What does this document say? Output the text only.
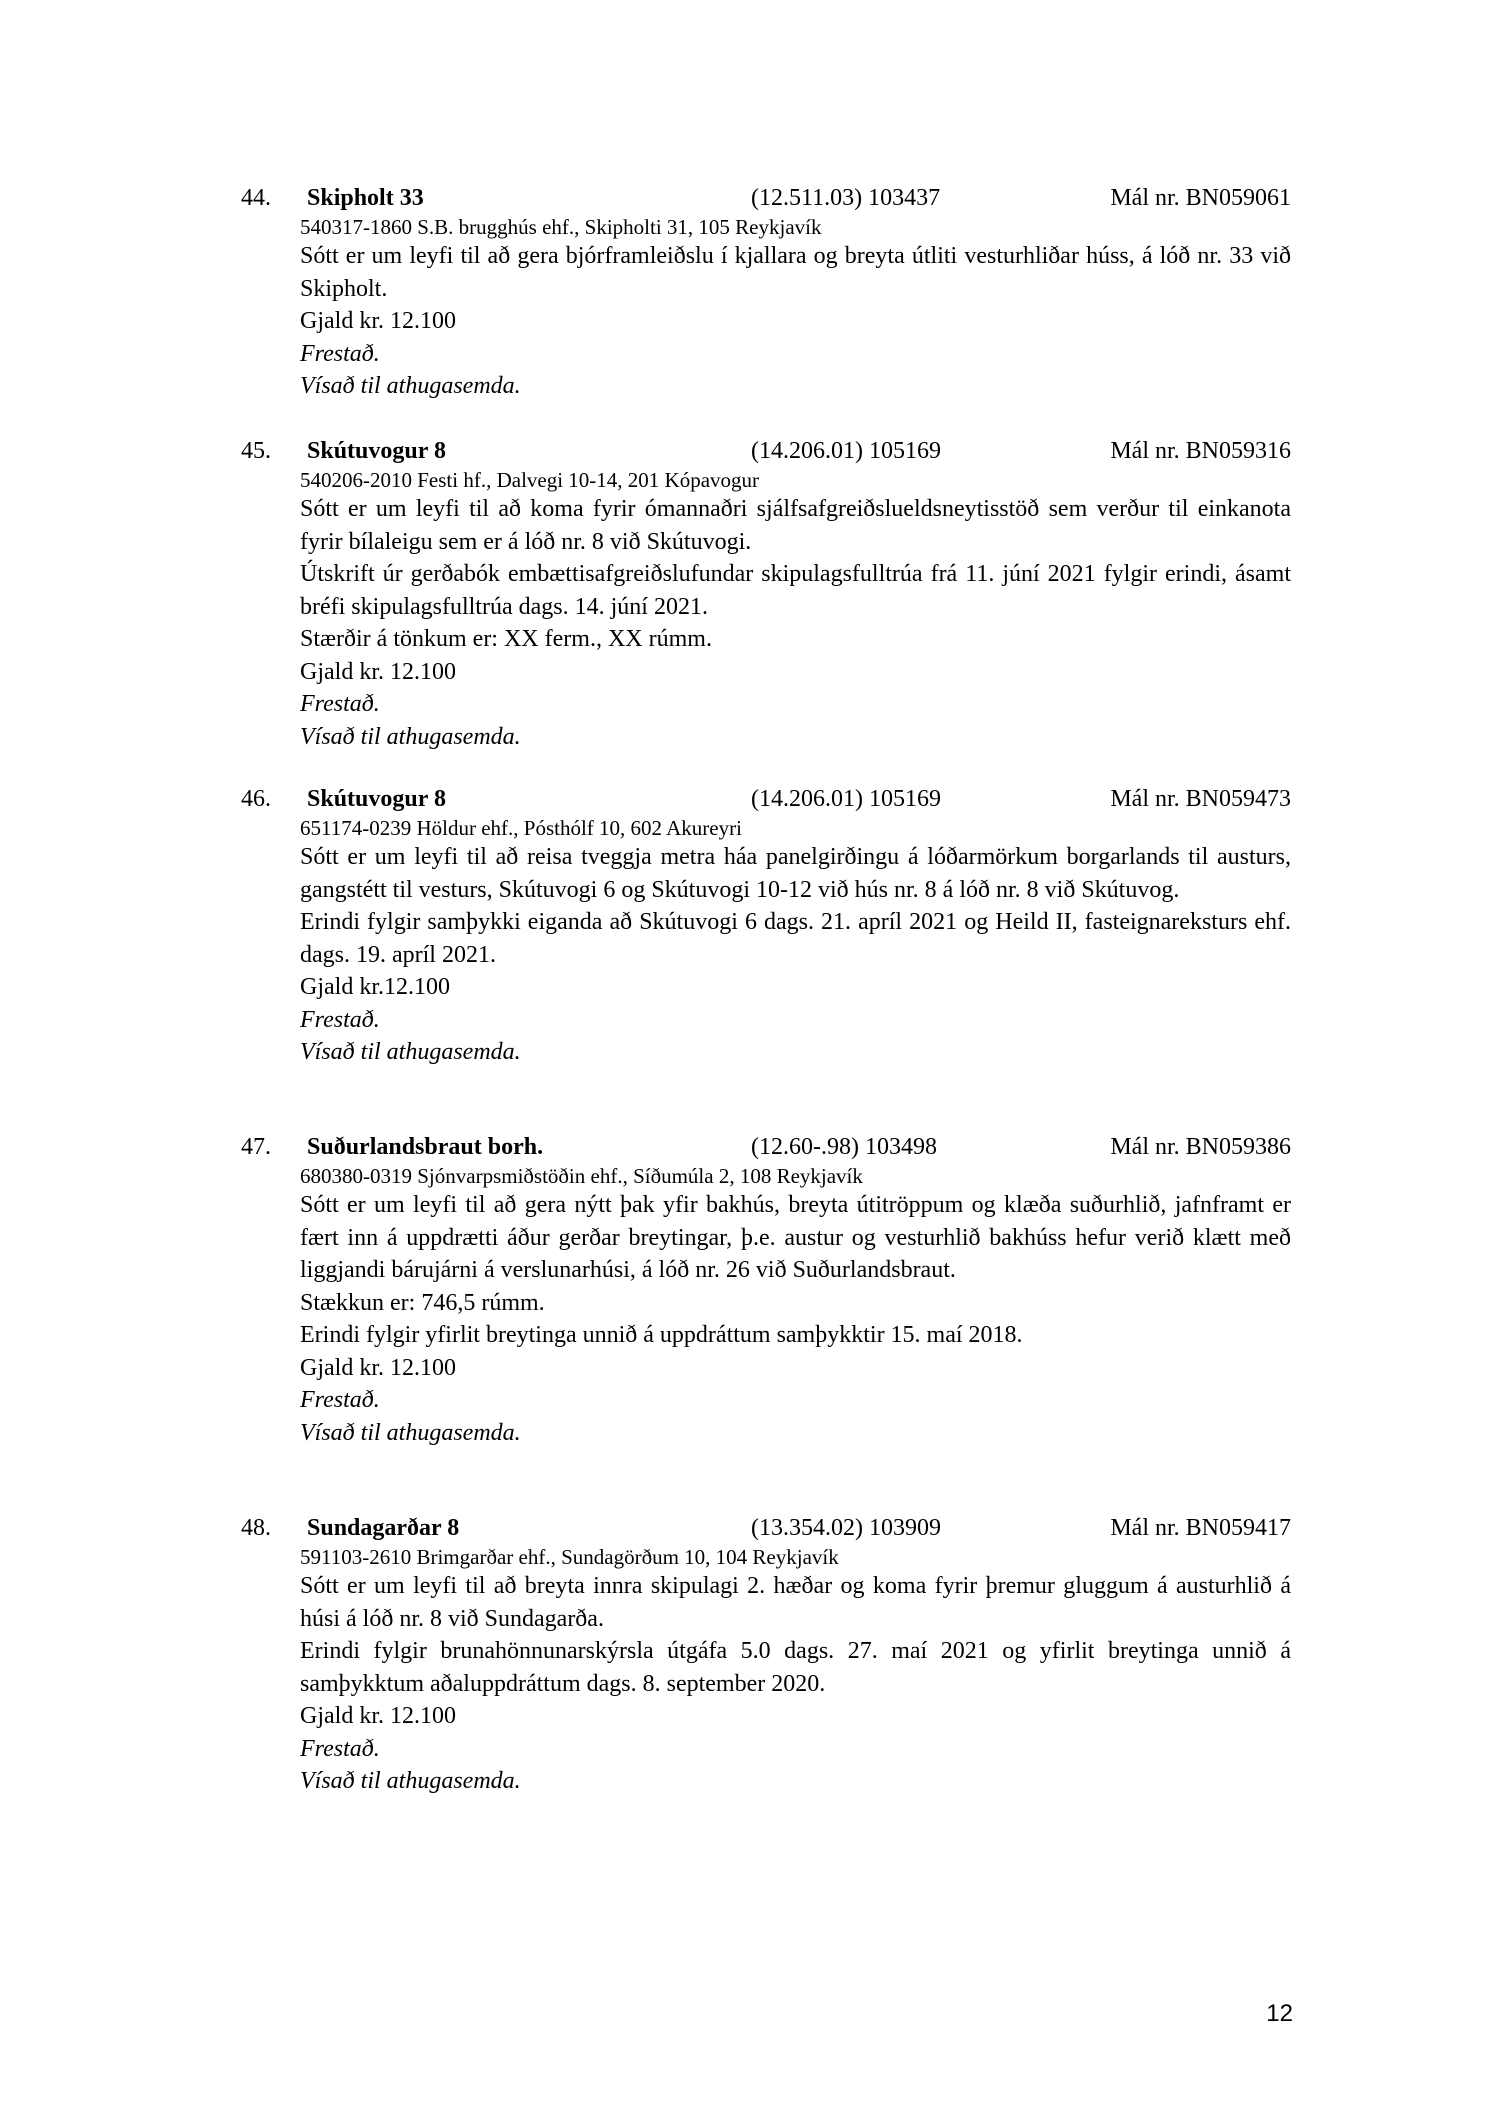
44. Skipholt 33	(12.511.03) 103437	Mál nr. BN059061
540317-1860 S.B. brugghús ehf., Skipholti 31, 105 Reykjavík
Sótt er um leyfi til að gera bjórframleiðslu í kjallara og breyta útliti vesturhliðar húss, á lóð nr. 33 við Skipholt.
Gjald kr. 12.100
Frestað.
Vísað til athugasemda.
45. Skútuvogur 8	(14.206.01) 105169	Mál nr. BN059316
540206-2010 Festi hf., Dalvegi 10-14, 201 Kópavogur
Sótt er um leyfi til að koma fyrir ómannaðri sjálfsafgreiðslueldsneytisstöð sem verður til einkanota fyrir bílaleigu sem er á lóð nr. 8 við Skútuvogi.
Útskrift úr gerðabók embættisafgreiðslufundar skipulagsfulltrúa frá 11. júní 2021 fylgir erindi, ásamt bréfi skipulagsfulltrúa dags. 14. júní 2021.
Stærðir á tönkum er: XX ferm., XX rúmm.
Gjald kr. 12.100
Frestað.
Vísað til athugasemda.
46. Skútuvogur 8	(14.206.01) 105169	Mál nr. BN059473
651174-0239 Höldur ehf., Pósthólf 10, 602 Akureyri
Sótt er um leyfi til að reisa tveggja metra háa panelgirðingu á lóðarmörkum borgarlands til austurs, gangstétt til vesturs, Skútuvogi 6 og Skútuvogi 10-12 við hús nr. 8 á lóð nr. 8 við Skútuvog.
Erindi fylgir samþykki eiganda að Skútuvogi 6 dags. 21. apríl 2021 og Heild II, fasteignareksturs ehf. dags. 19. apríl 2021.
Gjald kr.12.100
Frestað.
Vísað til athugasemda.
47. Suðurlandsbraut borh.	(12.60-.98) 103498	Mál nr. BN059386
680380-0319 Sjónvarpsmiðstöðin ehf., Síðumúla 2, 108 Reykjavík
Sótt er um leyfi til að gera nýtt þak yfir bakhús, breyta útitröppum og klæða suðurhlið, jafnframt er fært inn á uppdrætti áður gerðar breytingar, þ.e. austur og vesturhlið bakhúss hefur verið klætt með liggjandi bárujárni á verslunarhúsi, á lóð nr. 26 við Suðurlandsbraut.
Stækkun er: 746,5 rúmm.
Erindi fylgir yfirlit breytinga unnið á uppdráttum samþykktir 15. maí 2018.
Gjald kr. 12.100
Frestað.
Vísað til athugasemda.
48. Sundagarðar 8	(13.354.02) 103909	Mál nr. BN059417
591103-2610 Brimgarðar ehf., Sundagörðum 10, 104 Reykjavík
Sótt er um leyfi til að breyta innra skipulagi 2. hæðar og koma fyrir þremur gluggum á austurhlið á húsi á lóð nr. 8 við Sundagarða.
Erindi fylgir brunahönnunarskýrsla útgáfa 5.0 dags. 27. maí 2021 og yfirlit breytinga unnið á samþykktum aðaluppdráttum dags. 8. september 2020.
Gjald kr. 12.100
Frestað.
Vísað til athugasemda.
12
